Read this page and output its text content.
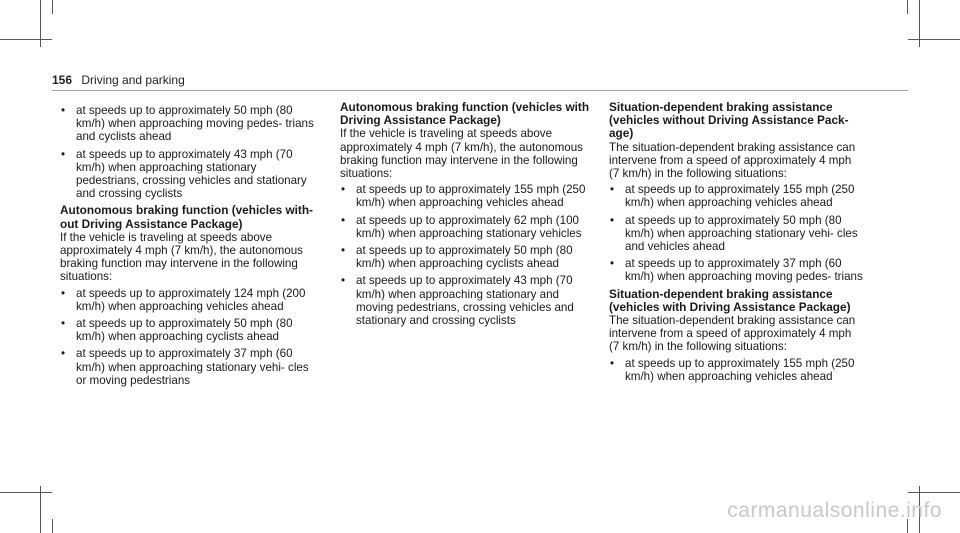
156 Driving and parking
• at speeds up to approximately 50 mph (80 km/h) when approaching moving pedes- trians and cyclists ahead
• at speeds up to approximately 43 mph (70 km/h) when approaching stationary pedestrians, crossing vehicles and stationary and crossing cyclists
Autonomous braking function (vehicles with- out Driving Assistance Package)

If the vehicle is traveling at speeds above approximately 4 mph (7 km/h), the autonomous braking function may intervene in the following situations:

• at speeds up to approximately 124 mph (200 km/h) when approaching vehicles ahead
• at speeds up to approximately 50 mph (80 km/h) when approaching cyclists ahead
• at speeds up to approximately 37 mph (60 km/h) when approaching stationary vehi- cles or moving pedestrians
Autonomous braking function (vehicles with Driving Assistance Package)

If the vehicle is traveling at speeds above approximately 4 mph (7 km/h), the autonomous braking function may intervene in the following situations:

• at speeds up to approximately 155 mph (250 km/h) when approaching vehicles ahead
• at speeds up to approximately 62 mph (100 km/h) when approaching stationary vehicles
• at speeds up to approximately 50 mph (80 km/h) when approaching cyclists ahead
• at speeds up to approximately 43 mph (70 km/h) when approaching stationary and moving pedestrians, crossing vehicles and stationary and crossing cyclists
Situation-dependent braking assistance (vehicles without Driving Assistance Pack- age)

The situation-dependent braking assistance can intervene from a speed of approximately 4 mph (7 km/h) in the following situations:

• at speeds up to approximately 155 mph (250 km/h) when approaching vehicles ahead
• at speeds up to approximately 50 mph (80 km/h) when approaching stationary vehi- cles and vehicles ahead
• at speeds up to approximately 37 mph (60 km/h) when approaching moving pedes- trians
Situation-dependent braking assistance (vehicles with Driving Assistance Package)

The situation-dependent braking assistance can intervene from a speed of approximately 4 mph (7 km/h) in the following situations:

• at speeds up to approximately 155 mph (250 km/h) when approaching vehicles ahead
carmanualsonline.info
